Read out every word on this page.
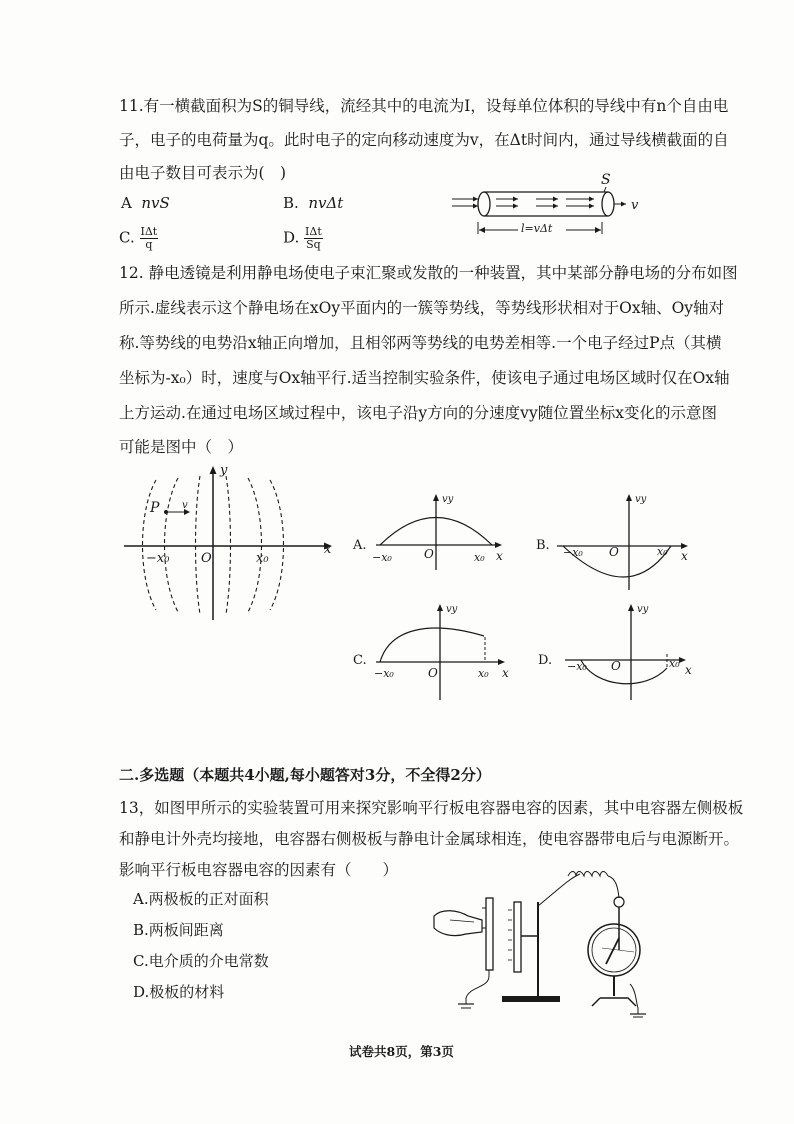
11.有一横截面积为S的铜导线，流经其中的电流为I，设每单位体积的导线中有n个自由电
子，电子的电荷量为q。此时电子的定向移动速度为v，在Δt时间内，通过导线横截面的自
由电子数目可表示为(　)
A nvS	B. nvΔt
C. $\frac{\text{IΔt}}{q}$	D. $\frac{\text{IΔt}}{Sq}$
S
v
l=vΔt
12. 静电透镜是利用静电场使电子束汇聚或发散的一种装置，其中某部分静电场的分布如图
所示.虚线表示这个静电场在xOy平面内的一簇等势线，等势线形状相对于Ox轴、Oy轴对
称.等势线的电势沿x轴正向增加，且相邻两等势线的电势差相等.一个电子经过P点（其横
坐标为-x₀）时，速度与Ox轴平行.适当控制实验条件，使该电子通过电场区域时仅在Ox轴
上方运动.在通过电场区域过程中，该电子沿y方向的分速度vy随位置坐标x变化的示意图
可能是图中（　）
x
y
P v
−x₀ O	x₀
A.
vy
−x₀	O	x₀ x
B.
vy
−x₀ O	x₀ x
C.
vy
−x₀	O	x₀ x
D.
vy
−x₀ O	x₀ x
二.多选题（本题共4小题,每小题答对3分，不全得2分）
13，如图甲所示的实验装置可用来探究影响平行板电容器电容的因素，其中电容器左侧极板
和静电计外壳均接地，电容器右侧极板与静电计金属球相连，使电容器带电后与电源断开。
影响平行板电容器电容的因素有（　　）
A.两极板的正对面积
B.两板间距离
C.电介质的介电常数
D.极板的材料
试卷共8页，第3页
